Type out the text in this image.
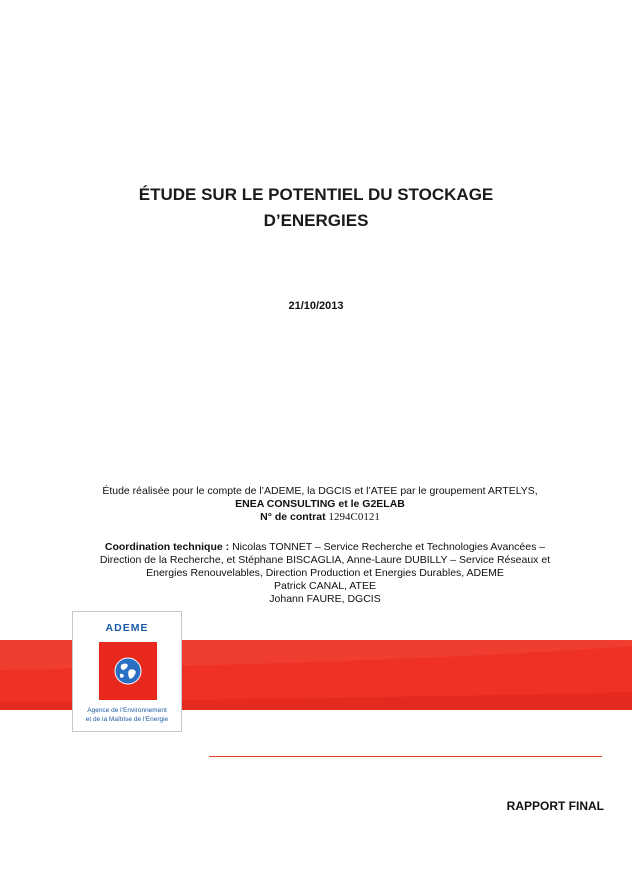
ÉTUDE SUR LE POTENTIEL DU STOCKAGE
D’ENERGIES
21/10/2013
Étude réalisée pour le compte de l’ADEME, la DGCIS et l’ATEE par le groupement ARTELYS,
ENEA CONSULTING et le G2ELAB
N° de contrat 1294C0121
Coordination technique : Nicolas TONNET – Service Recherche et Technologies Avancées –
Direction de la Recherche, et Stéphane BISCAGLIA, Anne-Laure DUBILLY – Service Réseaux et
Energies Renouvelables, Direction Production et Energies Durables, ADEME
Patrick CANAL, ATEE
Johann FAURE, DGCIS
ADEME
Agence de l’Environnement
et de la Maîtrise de l’Energie
RAPPORT FINAL
